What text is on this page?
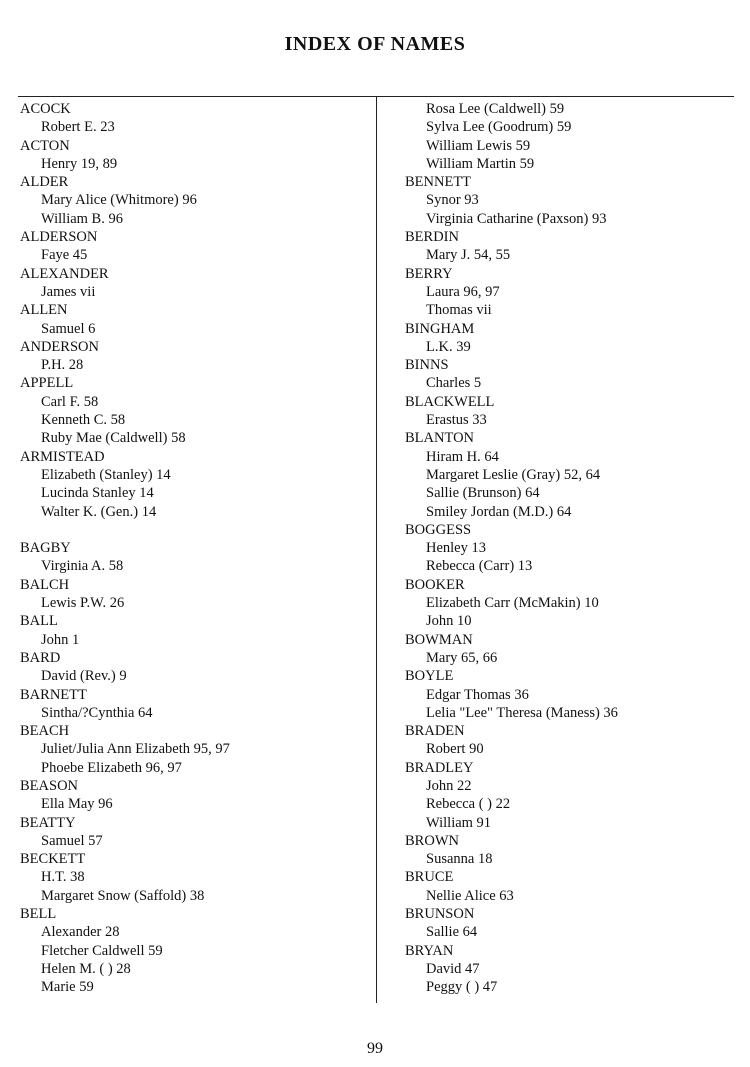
INDEX OF NAMES
ACOCK
Robert E. 23
ACTON
Henry 19, 89
ALDER
Mary Alice (Whitmore) 96
William B. 96
ALDERSON
Faye 45
ALEXANDER
James vii
ALLEN
Samuel 6
ANDERSON
P.H. 28
APPELL
Carl F. 58
Kenneth C. 58
Ruby Mae (Caldwell) 58
ARMISTEAD
Elizabeth (Stanley) 14
Lucinda Stanley 14
Walter K. (Gen.) 14
BAGBY
Virginia A. 58
BALCH
Lewis P.W. 26
BALL
John 1
BARD
David (Rev.) 9
BARNETT
Sintha/?Cynthia 64
BEACH
Juliet/Julia Ann Elizabeth 95, 97
Phoebe Elizabeth 96, 97
BEASON
Ella May 96
BEATTY
Samuel 57
BECKETT
H.T. 38
Margaret Snow (Saffold) 38
BELL
Alexander 28
Fletcher Caldwell 59
Helen M. ( ) 28
Marie 59
Rosa Lee (Caldwell) 59
Sylva Lee (Goodrum) 59
William Lewis 59
William Martin 59
BENNETT
Synor 93
Virginia Catharine (Paxson) 93
BERDIN
Mary J. 54, 55
BERRY
Laura 96, 97
Thomas vii
BINGHAM
L.K. 39
BINNS
Charles 5
BLACKWELL
Erastus 33
BLANTON
Hiram H. 64
Margaret Leslie (Gray) 52, 64
Sallie (Brunson) 64
Smiley Jordan (M.D.) 64
BOGGESS
Henley 13
Rebecca (Carr) 13
BOOKER
Elizabeth Carr (McMakin) 10
John 10
BOWMAN
Mary 65, 66
BOYLE
Edgar Thomas 36
Lelia "Lee" Theresa (Maness) 36
BRADEN
Robert 90
BRADLEY
John 22
Rebecca ( ) 22
William 91
BROWN
Susanna 18
BRUCE
Nellie Alice 63
BRUNSON
Sallie 64
BRYAN
David 47
Peggy ( ) 47
99
